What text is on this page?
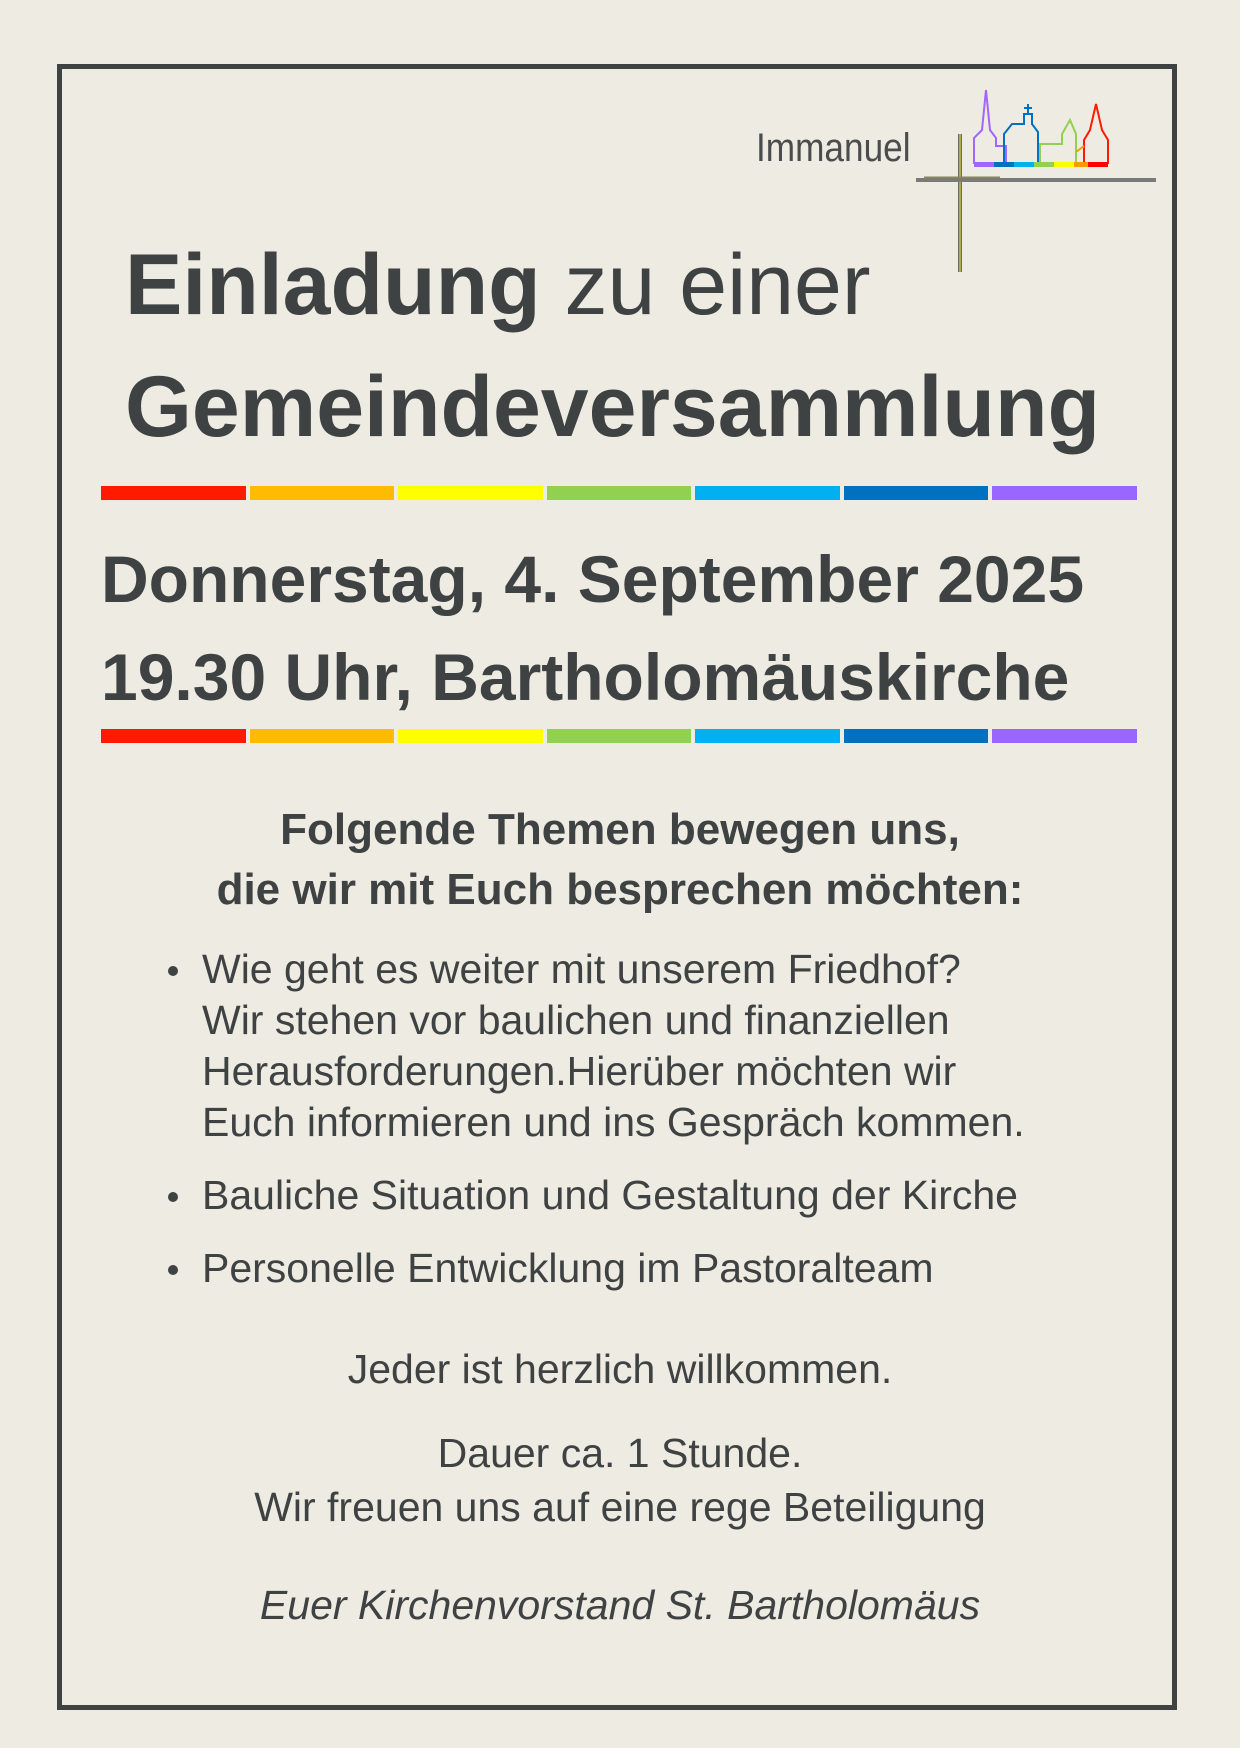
Immanuel
Einladung zu einer
Gemeindeversammlung
Donnerstag, 4. September 2025
19.30 Uhr, Bartholomäuskirche
Folgende Themen bewegen uns,
die wir mit Euch besprechen möchten:
Wie geht es weiter mit unserem Friedhof?
Wir stehen vor baulichen und finanziellen
Herausforderungen.Hierüber möchten wir
Euch informieren und ins Gespräch kommen.
Bauliche Situation und Gestaltung der Kirche
Personelle Entwicklung im Pastoralteam
Jeder ist herzlich willkommen.
Dauer ca. 1 Stunde.
Wir freuen uns auf eine rege Beteiligung
Euer Kirchenvorstand St. Bartholomäus
